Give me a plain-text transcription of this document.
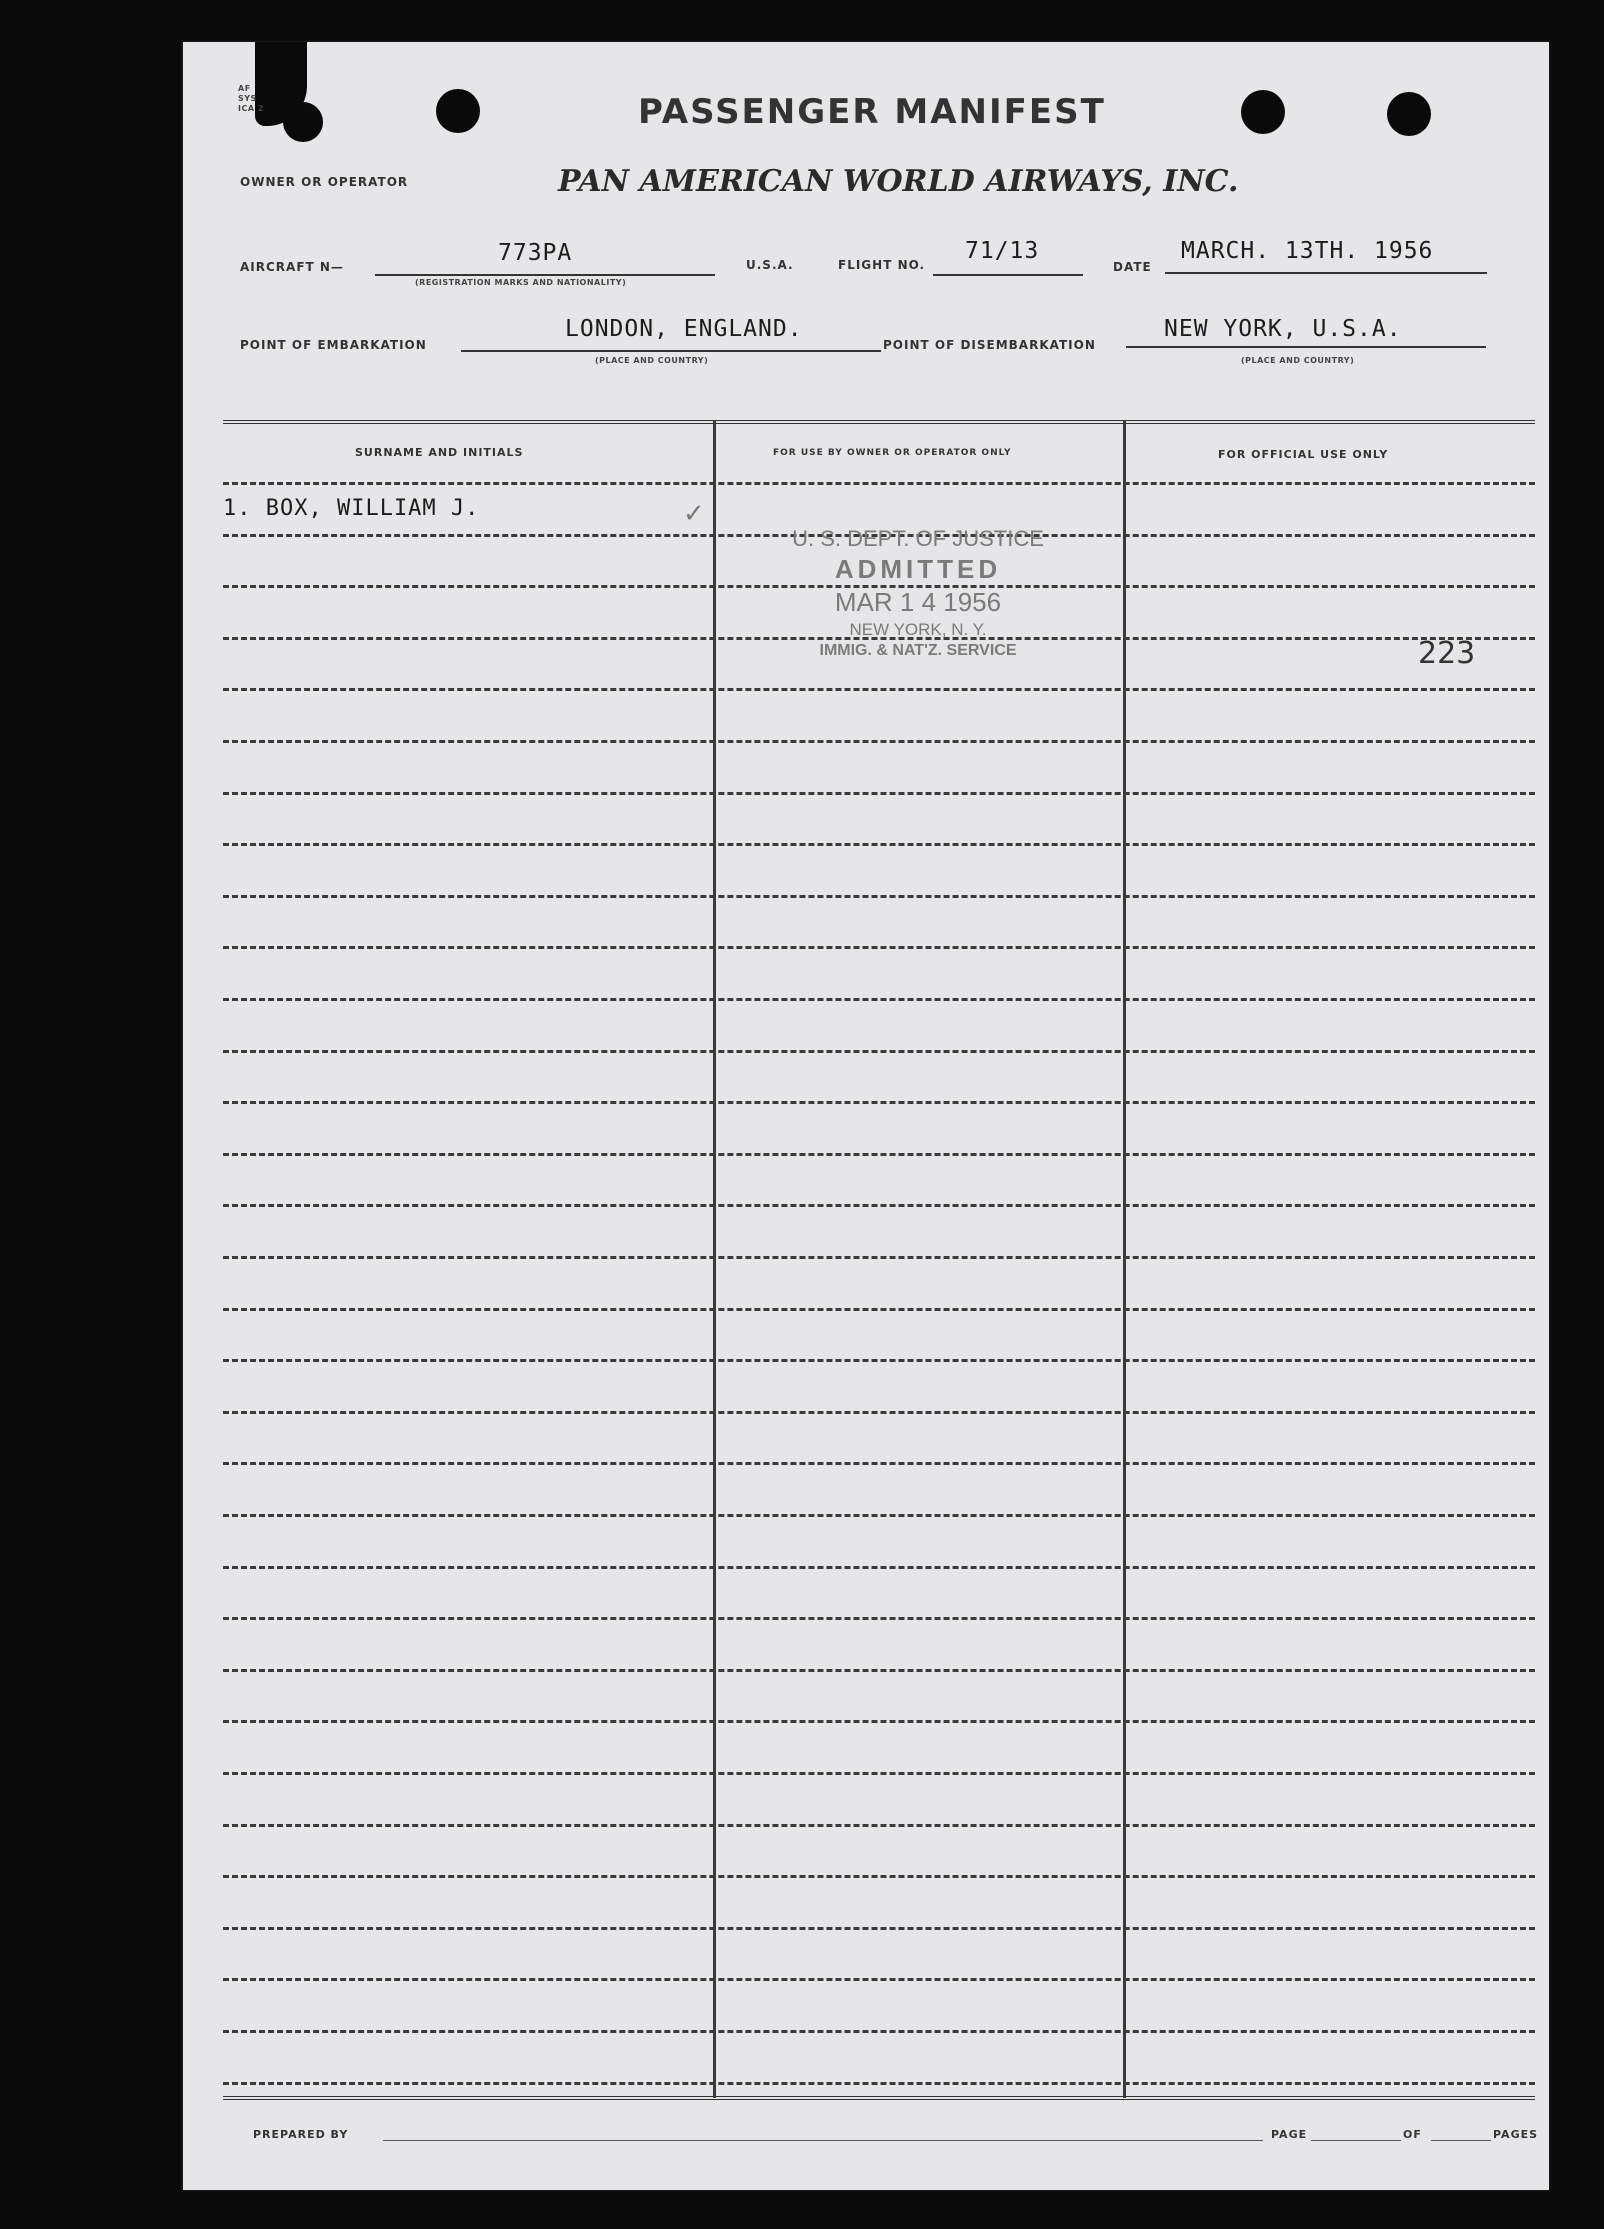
AF SYS ICA 2	PASSENGER MANIFEST
OWNER OR OPERATOR	PAN AMERICAN WORLD AIRWAYS, INC.
AIRCRAFT N—
773PA
(REGISTRATION MARKS AND NATIONALITY)
U.S.A.	FLIGHT NO.
71/13
DATE
MARCH. 13TH. 1956
POINT OF EMBARKATION
LONDON, ENGLAND.
(PLACE AND COUNTRY)
POINT OF DISEMBARKATION
NEW YORK, U.S.A.
(PLACE AND COUNTRY)
SURNAME AND INITIALS	FOR USE BY OWNER OR OPERATOR ONLY	FOR OFFICIAL USE ONLY
1. BOX, WILLIAM J.	✓
U. S. DEPT. OF JUSTICE
ADMITTED
MAR 1 4 1956
NEW YORK, N. Y.
IMMIG. & NAT'Z. SERVICE	223
PREPARED BY	PAGE	OF	PAGES
